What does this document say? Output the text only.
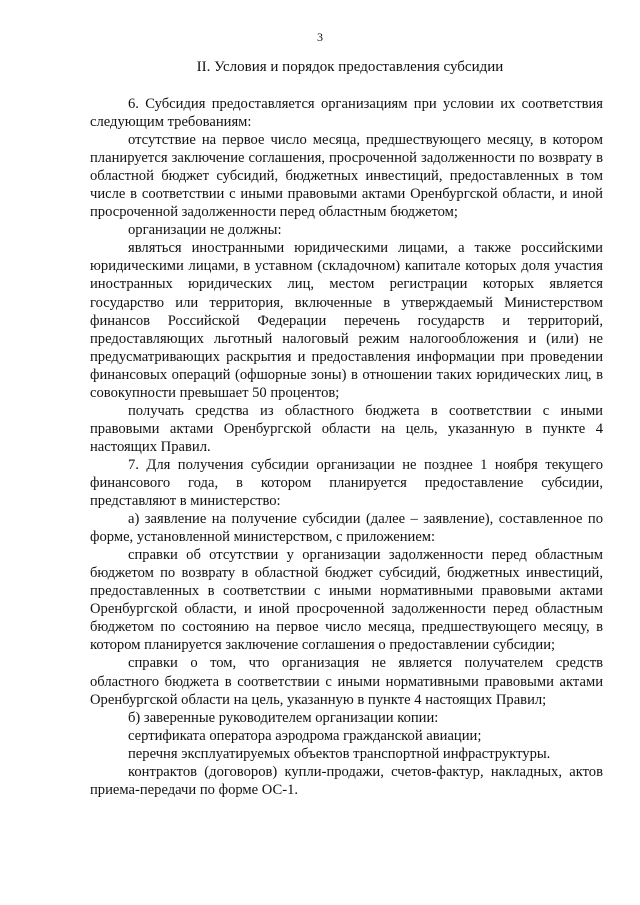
3
II. Условия и порядок предоставления субсидии

6. Субсидия предоставляется организациям при условии их соответствия следующим требованиям:

отсутствие на первое число месяца, предшествующего месяцу, в котором планируется заключение соглашения, просроченной задолженности по возврату в областной бюджет субсидий, бюджетных инвестиций, предоставленных в том числе в соответствии с иными правовыми актами Оренбургской области, и иной просроченной задолженности перед областным бюджетом;

организации не должны:

являться иностранными юридическими лицами, а также российскими юридическими лицами, в уставном (складочном) капитале которых доля участия иностранных юридических лиц, местом регистрации которых является государство или территория, включенные в утверждаемый Министерством финансов Российской Федерации перечень государств и территорий, предоставляющих льготный налоговый режим налогообложения и (или) не предусматривающих раскрытия и предоставления информации при проведении финансовых операций (офшорные зоны) в отношении таких юридических лиц, в совокупности превышает 50 процентов;

получать средства из областного бюджета в соответствии с иными правовыми актами Оренбургской области на цель, указанную в пункте 4 настоящих Правил.

7. Для получения субсидии организации не позднее 1 ноября текущего финансового года, в котором планируется предоставление субсидии, представляют в министерство:

а) заявление на получение субсидии (далее – заявление), составленное по форме, установленной министерством, с приложением:

справки об отсутствии у организации задолженности перед областным бюджетом по возврату в областной бюджет субсидий, бюджетных инвестиций, предоставленных в соответствии с иными нормативными правовыми актами Оренбургской области, и иной просроченной задолженности перед областным бюджетом по состоянию на первое число месяца, предшествующего месяцу, в котором планируется заключение соглашения о предоставлении субсидии;

справки о том, что организация не является получателем средств областного бюджета в соответствии с иными нормативными правовыми актами Оренбургской области на цель, указанную в пункте 4 настоящих Правил;

б) заверенные руководителем организации копии:

сертификата оператора аэродрома гражданской авиации;

перечня эксплуатируемых объектов транспортной инфраструктуры.

контрактов (договоров) купли-продажи, счетов-фактур, накладных, актов приема-передачи по форме ОС-1.
